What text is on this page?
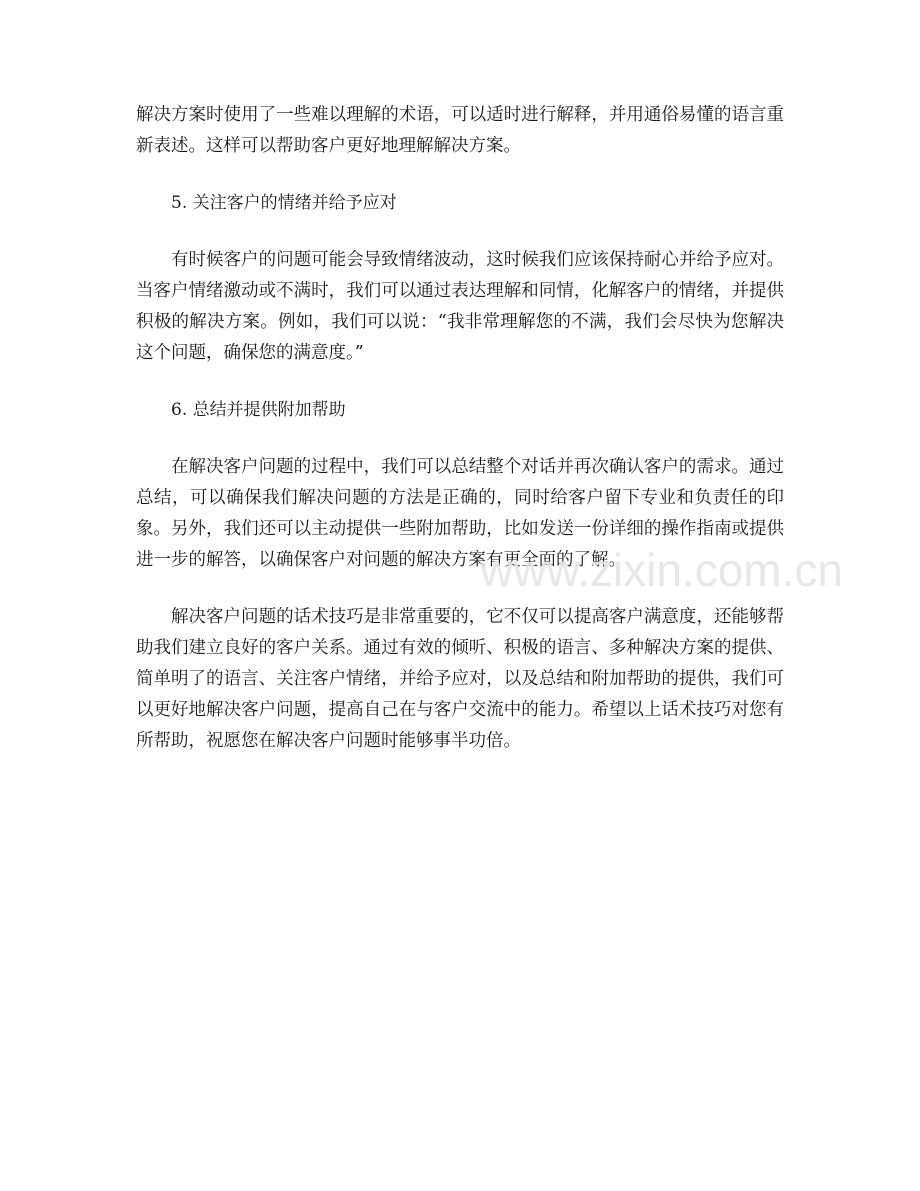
解决方案时使用了一些难以理解的术语，可以适时进行解释，并用通俗易懂的语言重新表述。这样可以帮助客户更好地理解解决方案。

5. 关注客户的情绪并给予应对

有时候客户的问题可能会导致情绪波动，这时候我们应该保持耐心并给予应对。当客户情绪激动或不满时，我们可以通过表达理解和同情，化解客户的情绪，并提供积极的解决方案。例如，我们可以说：“我非常理解您的不满，我们会尽快为您解决这个问题，确保您的满意度。”

6. 总结并提供附加帮助

在解决客户问题的过程中，我们可以总结整个对话并再次确认客户的需求。通过总结，可以确保我们解决问题的方法是正确的，同时给客户留下专业和负责任的印象。另外，我们还可以主动提供一些附加帮助，比如发送一份详细的操作指南或提供进一步的解答，以确保客户对问题的解决方案有更全面的了解。

解决客户问题的话术技巧是非常重要的，它不仅可以提高客户满意度，还能够帮助我们建立良好的客户关系。通过有效的倾听、积极的语言、多种解决方案的提供、简单明了的语言、关注客户情绪，并给予应对，以及总结和附加帮助的提供，我们可以更好地解决客户问题，提高自己在与客户交流中的能力。希望以上话术技巧对您有所帮助，祝愿您在解决客户问题时能够事半功倍。

www.zixin.com.cn
